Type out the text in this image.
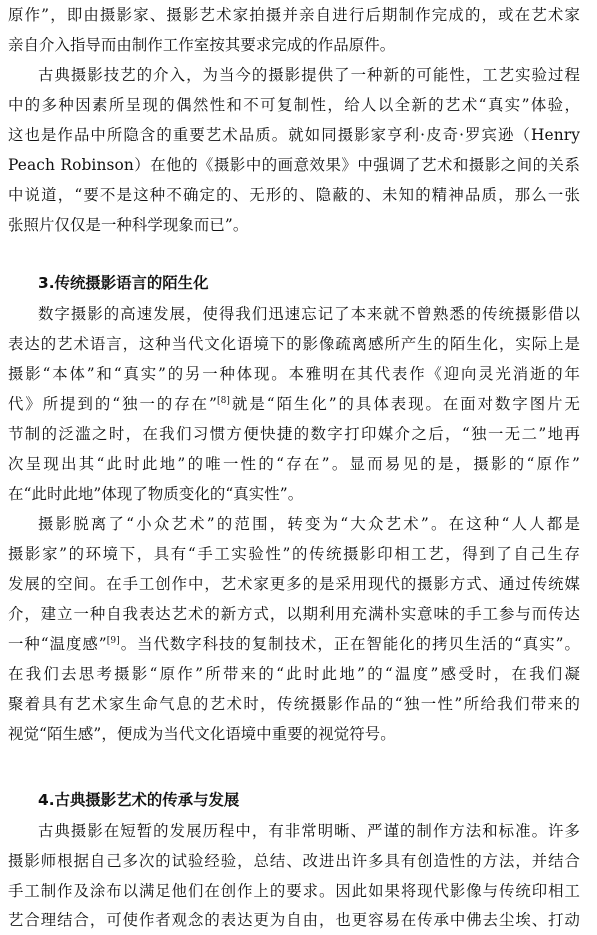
原作”，即由摄影家、摄影艺术家拍摄并亲自进行后期制作完成的，或在艺术家
亲自介入指导而由制作工作室按其要求完成的作品原件。
古典摄影技艺的介入，为当今的摄影提供了一种新的可能性，工艺实验过程
中的多种因素所呈现的偶然性和不可复制性，给人以全新的艺术“真实”体验，
这也是作品中所隐含的重要艺术品质。就如同摄影家亨利·皮奇·罗宾逊（Henry
Peach Robinson）在他的《摄影中的画意效果》中强调了艺术和摄影之间的关系
中说道，“要不是这种不确定的、无形的、隐蔽的、未知的精神品质，那么一张
张照片仅仅是一种科学现象而已”。
3.传统摄影语言的陌生化
数字摄影的高速发展，使得我们迅速忘记了本来就不曾熟悉的传统摄影借以
表达的艺术语言，这种当代文化语境下的影像疏离感所产生的陌生化，实际上是
摄影“本体”和“真实”的另一种体现。本雅明在其代表作《迎向灵光消逝的年
代》所提到的“独一的存在”[8]就是“陌生化”的具体表现。在面对数字图片无
节制的泛滥之时，在我们习惯方便快捷的数字打印媒介之后，“独一无二”地再
次呈现出其“此时此地”的唯一性的“存在”。显而易见的是，摄影的“原作”
在“此时此地”体现了物质变化的“真实性”。
摄影脱离了“小众艺术”的范围，转变为“大众艺术”。在这种“人人都是
摄影家”的环境下，具有“手工实验性”的传统摄影印相工艺，得到了自己生存
发展的空间。在手工创作中，艺术家更多的是采用现代的摄影方式、通过传统媒
介，建立一种自我表达艺术的新方式，以期利用充满朴实意味的手工参与而传达
一种“温度感”[9]。当代数字科技的复制技术，正在智能化的拷贝生活的“真实”。
在我们去思考摄影“原作”所带来的“此时此地”的“温度”感受时，在我们凝
聚着具有艺术家生命气息的艺术时，传统摄影作品的“独一性”所给我们带来的
视觉“陌生感”，便成为当代文化语境中重要的视觉符号。
4.古典摄影艺术的传承与发展
古典摄影在短暂的发展历程中，有非常明晰、严谨的制作方法和标准。许多
摄影师根据自己多次的试验经验，总结、改进出许多具有创造性的方法，并结合
手工制作及涂布以满足他们在创作上的要求。因此如果将现代影像与传统印相工
艺合理结合，可使作者观念的表达更为自由，也更容易在传承中佛去尘埃、打动
